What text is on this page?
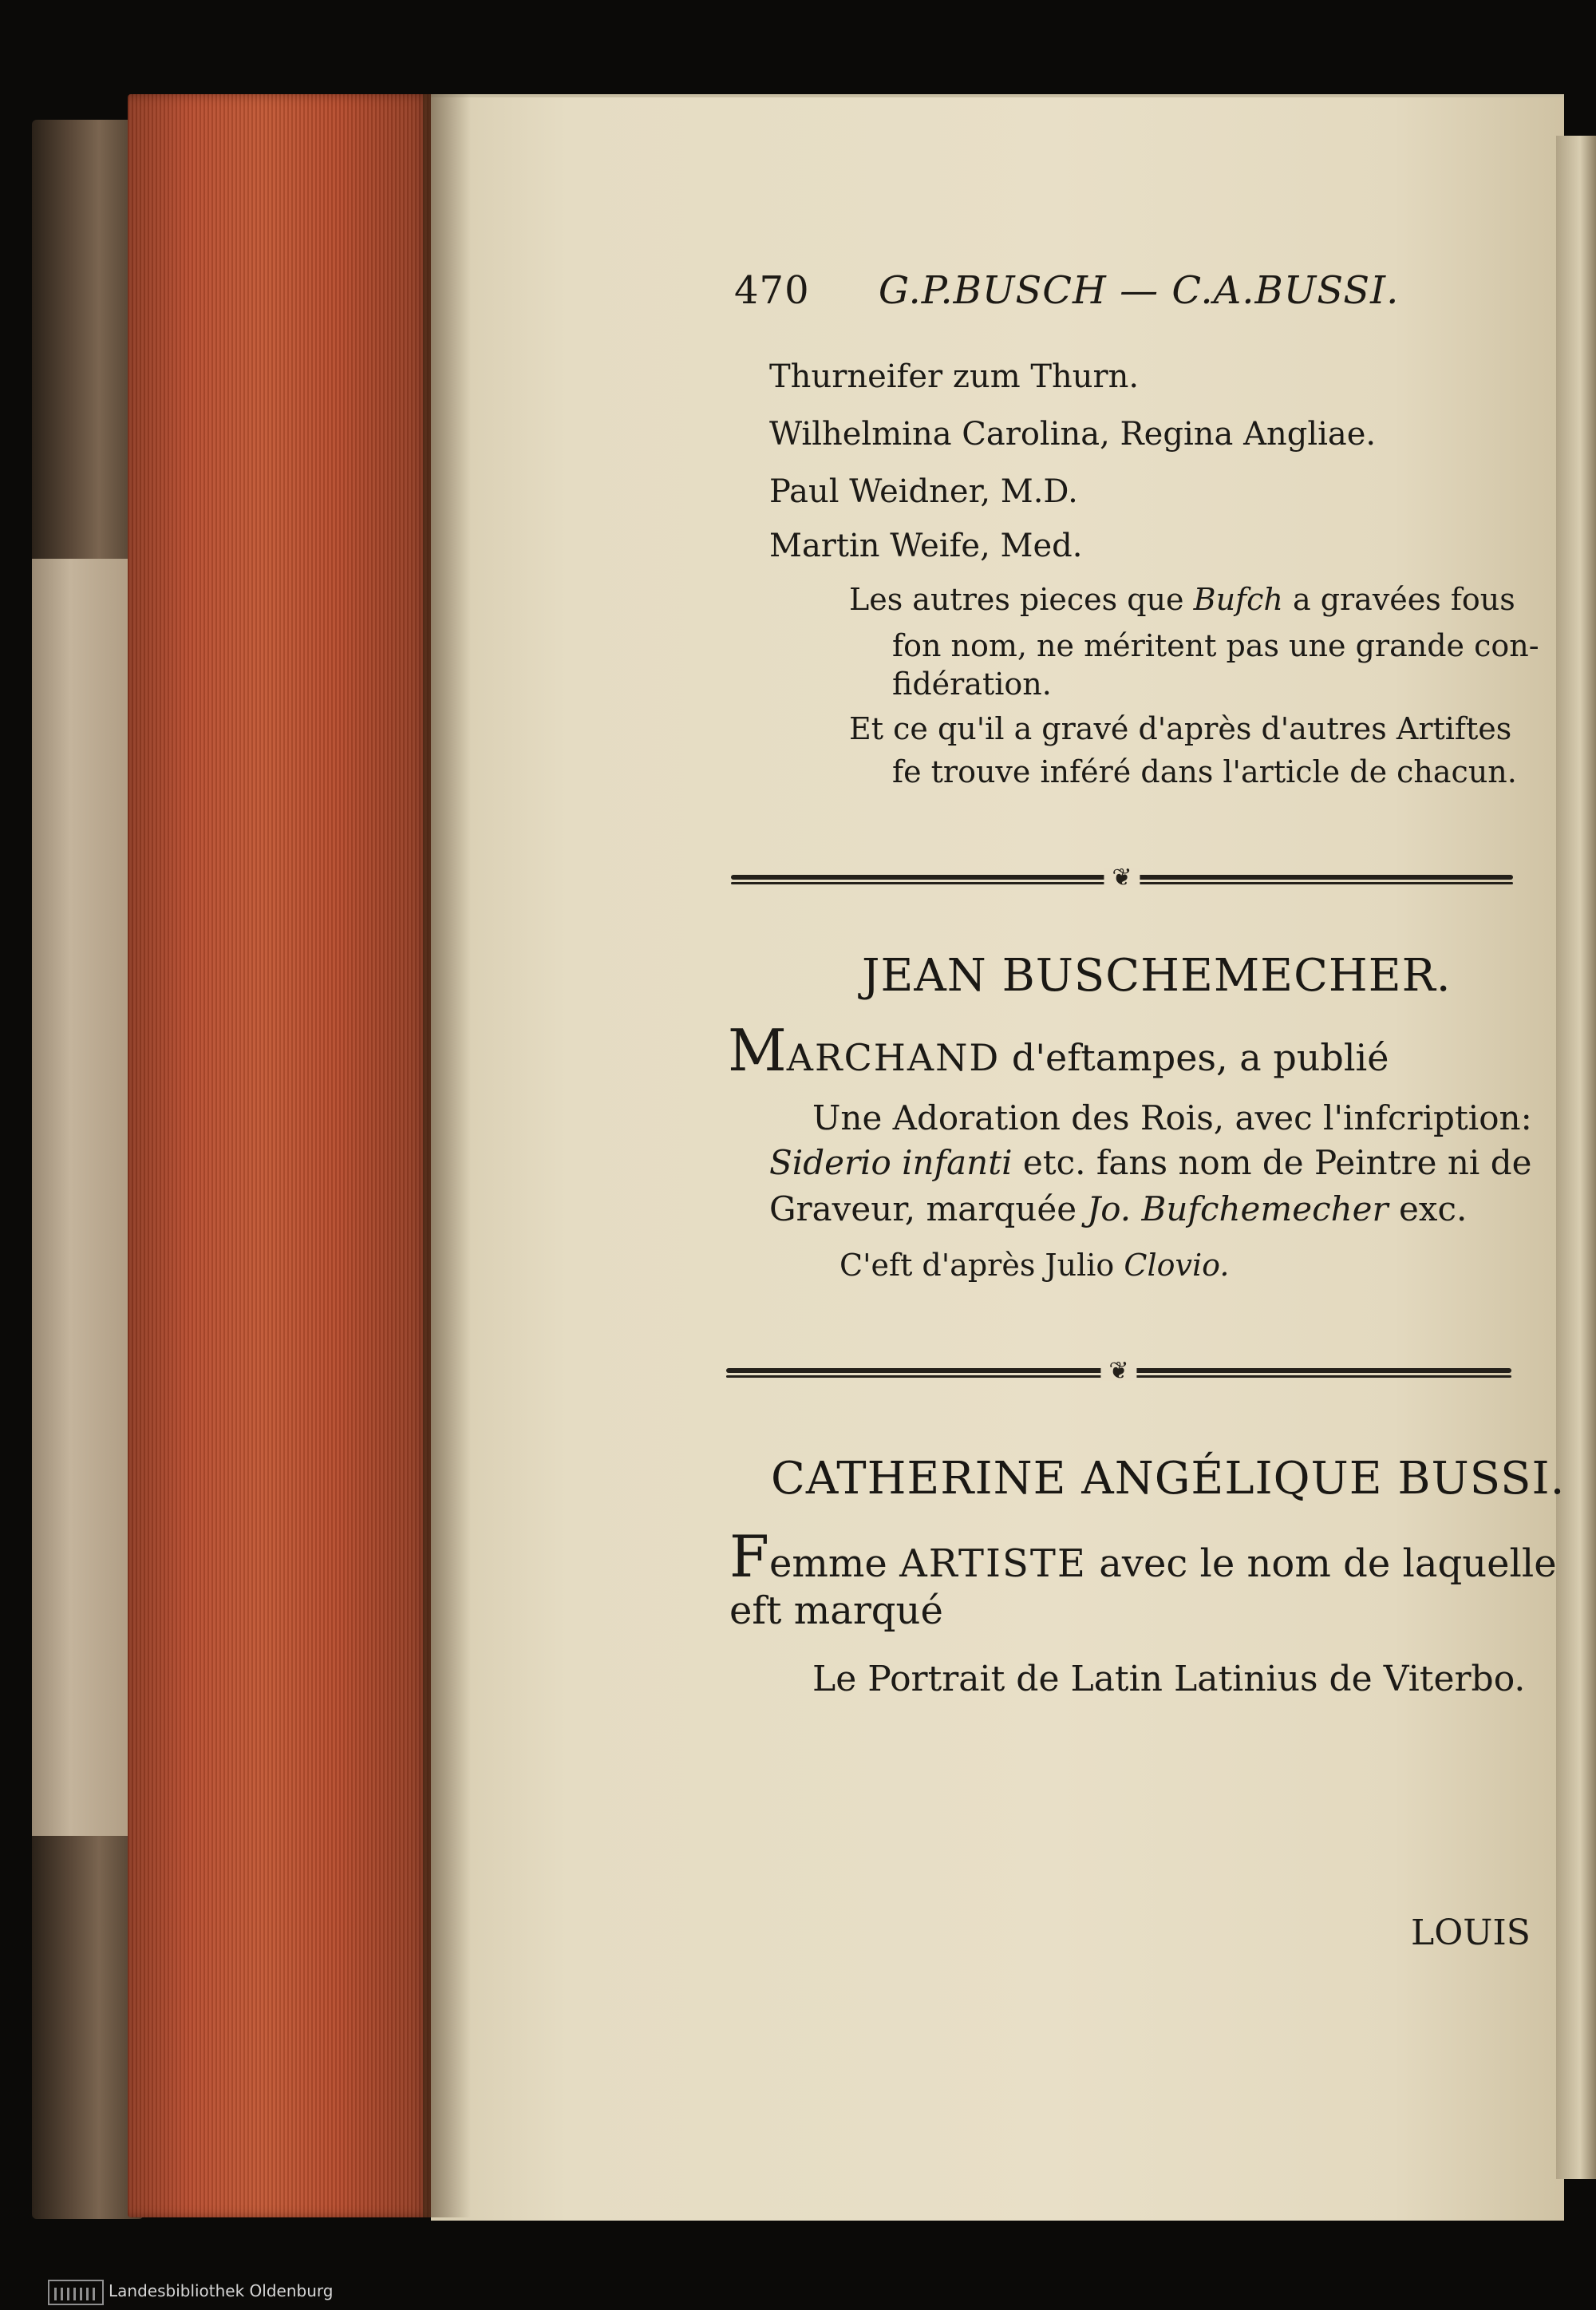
470 G.P.BUSCH — C.A.BUSSI.
Thurneifer zum Thurn.
Wilhelmina Carolina, Regina Angliae.
Paul Weidner, M.D.
Martin Weife, Med.
Les autres pieces que Bufch a gravées fous
fon nom, ne méritent pas une grande con-
fidération.
Et ce qu'il a gravé d'après d'autres Artiftes
fe trouve inféré dans l'article de chacun.
❦
JEAN BUSCHEMECHER.
MARCHAND d'eftampes, a publié
Une Adoration des Rois, avec l'infcription:
Siderio infanti etc. fans nom de Peintre ni de
Graveur, marquée Jo. Bufchemecher exc.
C'eft d'après Julio Clovio.
❦
CATHERINE ANGÉLIQUE BUSSI.
Femme ARTISTE avec le nom de laquelle
eft marqué
Le Portrait de Latin Latinius de Viterbo.
LOUIS
Landesbibliothek Oldenburg
